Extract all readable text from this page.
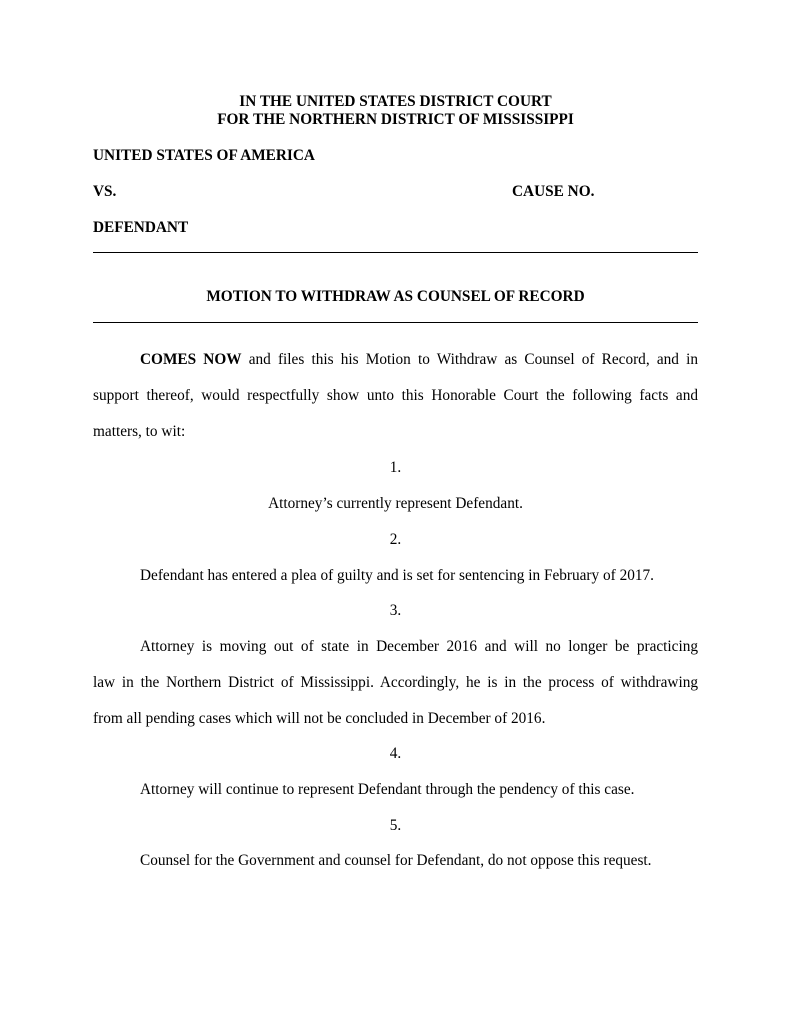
IN THE UNITED STATES DISTRICT COURT
FOR THE NORTHERN DISTRICT OF MISSISSIPPI
UNITED STATES OF AMERICA
VS.	CAUSE NO.
DEFENDANT
MOTION TO WITHDRAW AS COUNSEL OF RECORD
COMES NOW and files this his Motion to Withdraw as Counsel of Record, and in
support thereof, would respectfully show unto this Honorable Court the following facts and
matters, to wit:
1.
Attorney’s currently represent Defendant.
2.
Defendant has entered a plea of guilty and is set for sentencing in February of 2017.
3.
Attorney is moving out of state in December 2016 and will no longer be practicing
law in the Northern District of Mississippi. Accordingly, he is in the process of withdrawing
from all pending cases which will not be concluded in December of 2016.
4.
Attorney will continue to represent Defendant through the pendency of this case.
5.
Counsel for the Government and counsel for Defendant, do not oppose this request.
